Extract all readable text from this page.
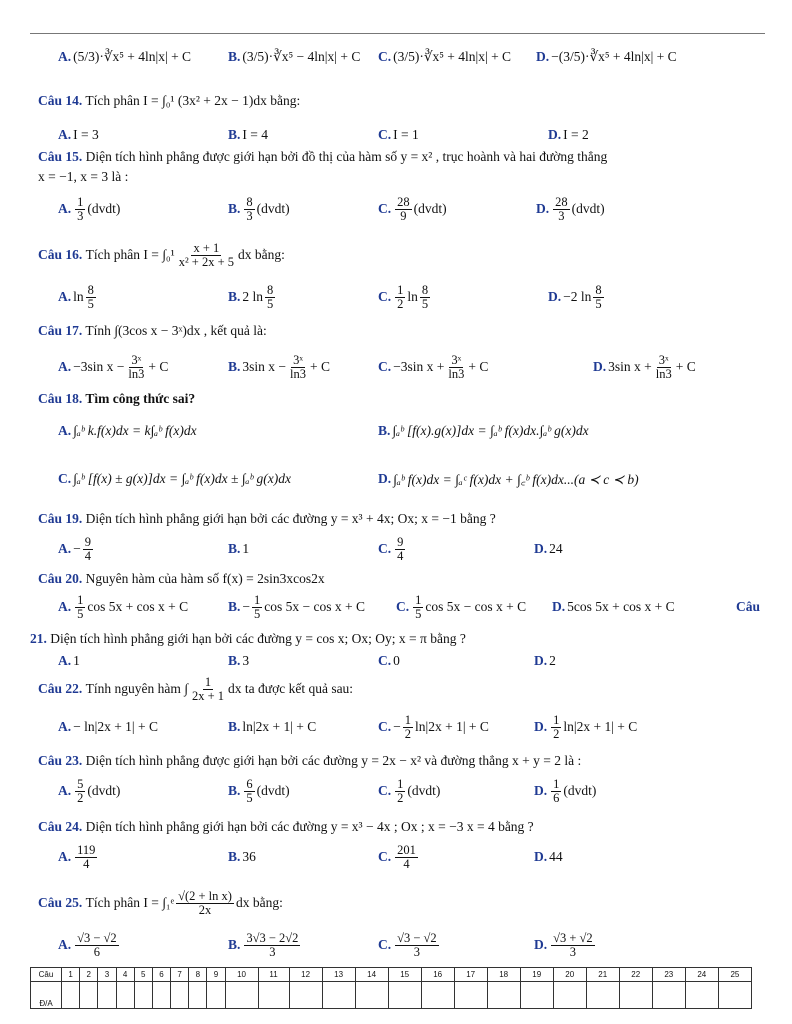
A. (5/3)·∛x⁵ + 4ln|x| + C	B. (3/5)·∛x⁵ − 4ln|x| + C C. (3/5)·∛x⁵ + 4ln|x| + C D. −(3/5)·∛x⁵ + 4ln|x| + C
Câu 14. Tích phân I = ∫₀¹ (3x² + 2x − 1)dx bằng:
A. I = 3	B. I = 4	C. I = 1	D. I = 2
Câu 15. Diện tích hình phẳng được giới hạn bởi đồ thị của hàm số y = x² , trục hoành và hai đường thẳng
x = −1, x = 3 là :
A. $\frac{1}{3}$ (dvdt)	B. $\frac{8}{3}$ (dvdt)	C. $\frac{28}{9}$ (dvdt)	D. $\frac{28}{3}$ (dvdt)
Câu 16.
Tích phân $I = \int_0^1 \frac{x + 1}{\text{x² + 2x + 5}}$ dx bằng:
A. $\ln \frac{8}{5}$	B. 2 $\ln \frac{8}{5}$	C. $\frac{1}{2}$ $\ln \frac{8}{5}$	D. −2 $\ln \frac{8}{5}$
Câu 17. Tính ∫(3cos x − 3ˣ)dx , kết quả là:
A. −3sin $x - \frac{\text{3ˣ}}{\ln 3} + C$	B. 3sin $x - \frac{\text{3ˣ}}{\ln 3} + C$	C. −3sin $x + \frac{\text{3ˣ}}{\ln 3} + C$	D. 3sin $x + \frac{\text{3ˣ}}{\ln 3} + C$
Câu 18. Tìm công thức sai?
A. ∫ₐᵇ k.f(x)dx = k∫ₐᵇ f(x)dx	B. ∫ₐᵇ [f(x).g(x)]dx = ∫ₐᵇ f(x)dx.∫ₐᵇ g(x)dx
C. ∫ₐᵇ [f(x) ± g(x)]dx = ∫ₐᵇ f(x)dx ± ∫ₐᵇ g(x)dx	D. ∫ₐᵇ f(x)dx = ∫ₐᶜ f(x)dx + ∫꜀ᵇ f(x)dx...(a ≺ c ≺ b)
Câu 19. Diện tích hình phẳng giới hạn bởi các đường y = x³ + 4x; Ox; x = −1 bằng ?
A. − $\frac{9}{4}$	B. 1	C. $\frac{9}{4}$	D. 24
Câu 20. Nguyên hàm của hàm số f(x) = 2sin3xcos2x
A. $\frac{1}{5}$ cos 5x + cos x + C	B. − $\frac{1}{5}$ cos 5x − cos x + C C. $\frac{1}{5}$ cos 5x − cos x + C D. 5cos 5x + cos x + C	Câu
21. Diện tích hình phẳng giới hạn bởi các đường y = cos x; Ox; Oy; x = π bằng ?
A. 1	B. 3	C. 0	D. 2
Câu 22.
Tính nguyên hàm ∫ $\frac{1}{2x + 1}$ dx ta được kết quả sau:
A. − ln|2x + 1| + C	B. ln|2x + 1| + C	C. − $\frac{1}{2} \ln|2x + 1| + C$	D. $\frac{1}{2} \ln|2x + 1| + C$
Câu 23. Diện tích hình phẳng được giới hạn bởi các đường y = 2x − x² và đường thẳng x + y = 2 là :
A. $\frac{5}{2}$ (dvdt)	B. $\frac{6}{5}$ (dvdt)	C. $\frac{1}{2}$ (dvdt)	D. $\frac{1}{6}$ (dvdt)
Câu 24. Diện tích hình phẳng giới hạn bởi các đường y = x³ − 4x ; Ox ; x = −3 x = 4 bằng ?
A. $\frac{119}{4}$	B. 36	C. $\frac{201}{4}$	D. 44
Câu 25.
Tích phân I = ∫₁ᵉ $\frac{\text{√(2 + ln x)}}{2x}$ dx bằng:
A. $\frac{√3 - √2}{6}$	B. $\frac{3√3 - 2√2}{3}$	C. $\frac{√3 - √2}{3}$	D. $\frac{√3 + √2}{3}$
Câu	1	2	3	4	5	6	7	8	9	10	11	12	13	14	15	16	17	18	19	20	21	22	23	24	25
Đ/A																									
